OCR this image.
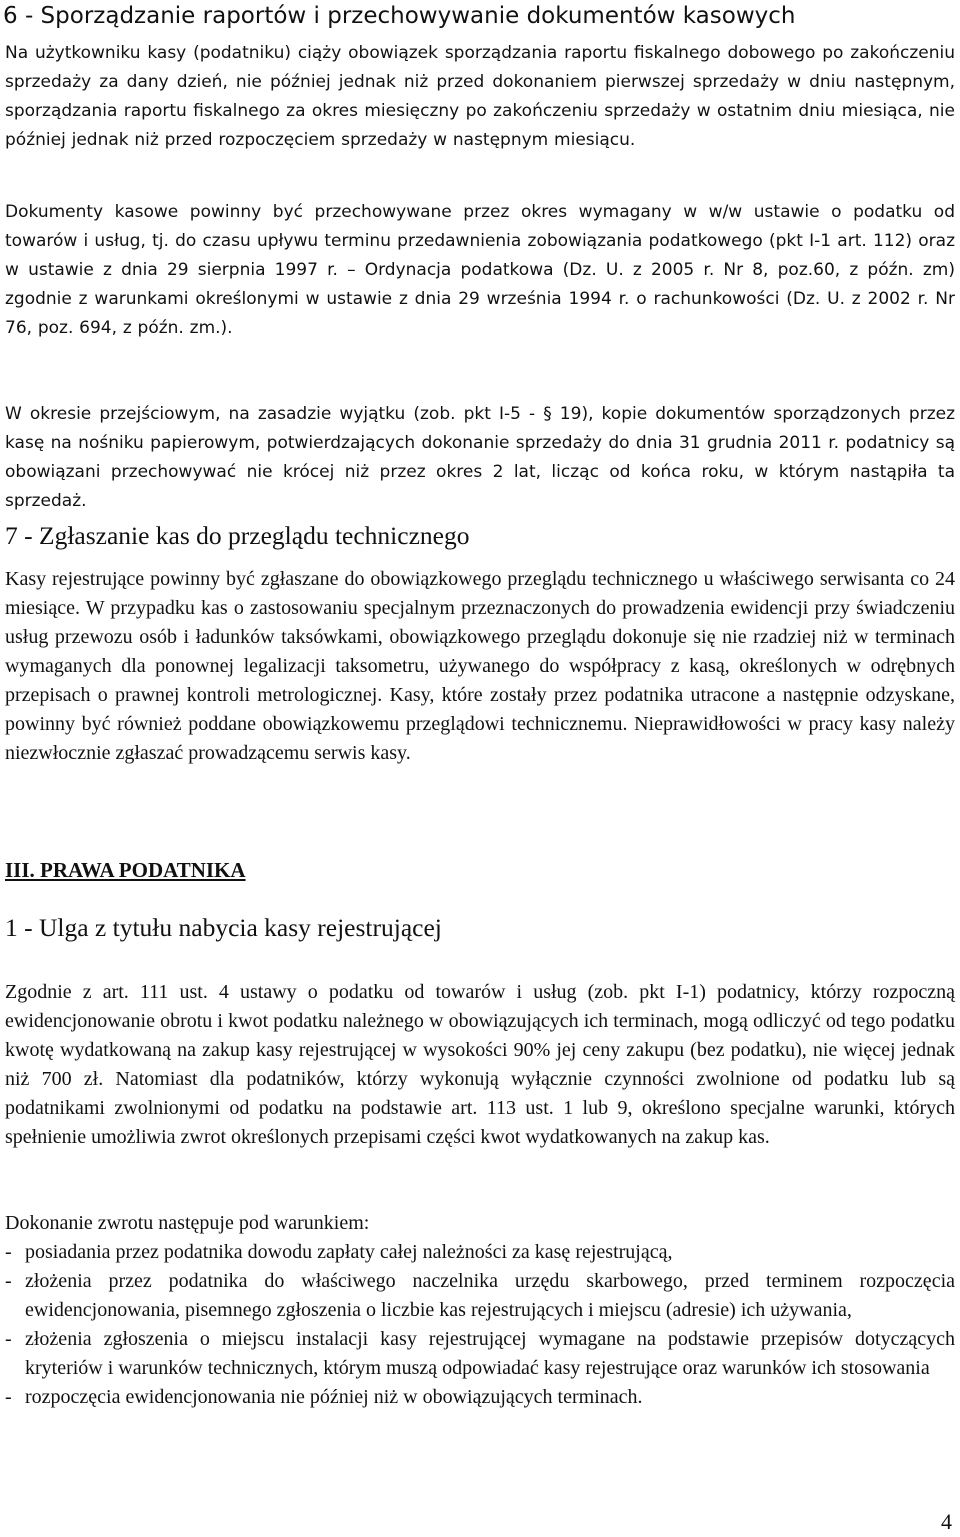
6 - Sporządzanie raportów i przechowywanie dokumentów kasowych

Na użytkowniku kasy (podatniku) ciąży obowiązek sporządzania raportu fiskalnego dobowego po zakończeniu sprzedaży za dany dzień, nie później jednak niż przed dokonaniem pierwszej sprzedaży w dniu następnym, sporządzania raportu fiskalnego za okres miesięczny po zakończeniu sprzedaży w ostatnim dniu miesiąca, nie później jednak niż przed rozpoczęciem sprzedaży w następnym miesiącu.

Dokumenty kasowe powinny być przechowywane przez okres wymagany w w/w ustawie o podatku od towarów i usług, tj. do czasu upływu terminu przedawnienia zobowiązania podatkowego (pkt I-1 art. 112) oraz w ustawie z dnia 29 sierpnia 1997 r. – Ordynacja podatkowa (Dz. U. z 2005 r. Nr 8, poz.60, z późn. zm) zgodnie z warunkami określonymi w ustawie z dnia 29 września 1994 r. o rachunkowości (Dz. U. z 2002 r. Nr 76, poz. 694, z późn. zm.).

W okresie przejściowym, na zasadzie wyjątku (zob. pkt I-5 - § 19), kopie dokumentów sporządzonych przez kasę na nośniku papierowym, potwierdzających dokonanie sprzedaży do dnia 31 grudnia 2011 r. podatnicy są obowiązani przechowywać nie krócej niż przez okres 2 lat, licząc od końca roku, w którym nastąpiła ta sprzedaż.

7 - Zgłaszanie kas do przeglądu technicznego

Kasy rejestrujące powinny być zgłaszane do obowiązkowego przeglądu technicznego u właściwego serwisanta co 24 miesiące. W przypadku kas o zastosowaniu specjalnym przeznaczonych do prowadzenia ewidencji przy świadczeniu usług przewozu osób i ładunków taksówkami, obowiązkowego przeglądu dokonuje się nie rzadziej niż w terminach wymaganych dla ponownej legalizacji taksometru, używanego do współpracy z kasą, określonych w odrębnych przepisach o prawnej kontroli metrologicznej. Kasy, które zostały przez podatnika utracone a następnie odzyskane, powinny być również poddane obowiązkowemu przeglądowi technicznemu. Nieprawidłowości w pracy kasy należy niezwłocznie zgłaszać prowadzącemu serwis kasy.

III. PRAWA PODATNIKA
1 - Ulga z tytułu nabycia kasy rejestrującej

Zgodnie z art. 111 ust. 4 ustawy o podatku od towarów i usług (zob. pkt I-1) podatnicy, którzy rozpoczną ewidencjonowanie obrotu i kwot podatku należnego w obowiązujących ich terminach, mogą odliczyć od tego podatku kwotę wydatkowaną na zakup kasy rejestrującej w wysokości 90% jej ceny zakupu (bez podatku), nie więcej jednak niż 700 zł. Natomiast dla podatników, którzy wykonują wyłącznie czynności zwolnione od podatku lub są podatnikami zwolnionymi od podatku na podstawie art. 113 ust. 1 lub 9, określono specjalne warunki, których spełnienie umożliwia zwrot określonych przepisami części kwot wydatkowanych na zakup kas.

Dokonanie zwrotu następuje pod warunkiem:

- posiadania przez podatnika dowodu zapłaty całej należności za kasę rejestrującą,
- złożenia przez podatnika do właściwego naczelnika urzędu skarbowego, przed terminem rozpoczęcia ewidencjonowania, pisemnego zgłoszenia o liczbie kas rejestrujących i miejscu (adresie) ich używania,
- złożenia zgłoszenia o miejscu instalacji kasy rejestrującej wymagane na podstawie przepisów dotyczących kryteriów i warunków technicznych, którym muszą odpowiadać kasy rejestrujące oraz warunków ich stosowania
- rozpoczęcia ewidencjonowania nie później niż w obowiązujących terminach.
4
